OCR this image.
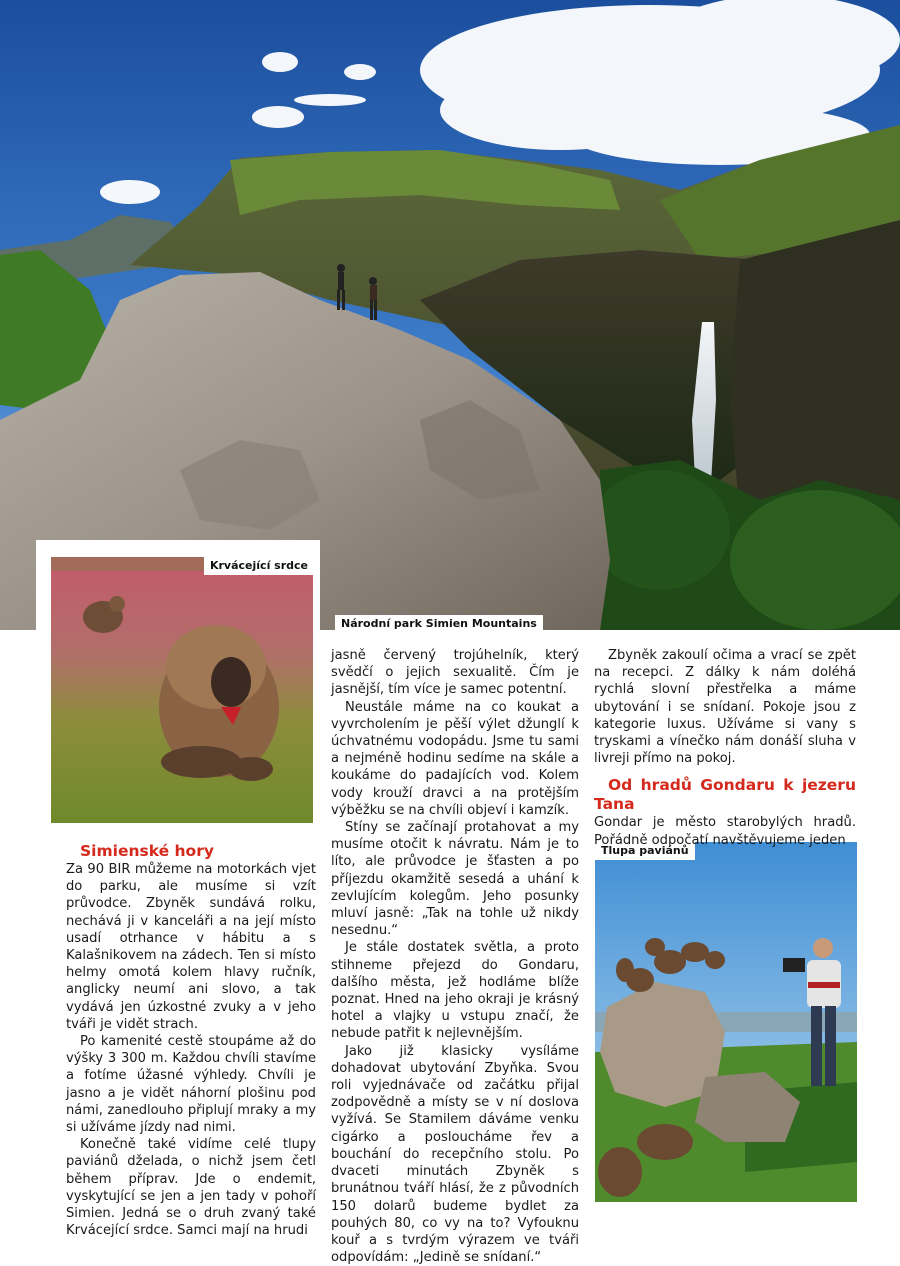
Národní park Simien Mountains
Krvácející srdce
Tlupa paviánů

Simienské hory

Za 90 BIR můžeme na motorkách vjet do parku, ale musíme si vzít průvodce. Zbyněk sundává rolku, nechává ji v kanceláři a na její místo usadí otrhance v hábitu a s Kalašnikovem na zádech. Ten si místo helmy omotá kolem hlavy ručník, anglicky neumí ani slovo, a tak vydává jen úzkostné zvuky a v jeho tváři je vidět strach.

Po kamenité cestě stoupáme až do výšky 3 300 m. Každou chvíli stavíme a fotíme úžasné výhledy. Chvíli je jasno a je vidět náhorní plošinu pod námi, zanedlouho připlují mraky a my si užíváme jízdy nad nimi.

Konečně také vidíme celé tlupy paviánů dželada, o nichž jsem četl během příprav. Jde o endemit, vyskytující se jen a jen tady v pohoří Simien. Jedná se o druh zvaný také Krvácející srdce. Samci mají na hrudi

jasně červený trojúhelník, který svědčí o jejich sexualitě. Čím je jasnější, tím více je samec potentní.

Neustále máme na co koukat a vyvrcholením je pěší výlet džunglí k úchvatnému vodopádu. Jsme tu sami a nejméně hodinu sedíme na skále a koukáme do padajících vod. Kolem vody krouží dravci a na protějším výběžku se na chvíli objeví i kamzík.

Stíny se začínají protahovat a my musíme otočit k návratu. Nám je to líto, ale průvodce je šťasten a po příjezdu okamžitě sesedá a uhání k zevlujícím kolegům. Jeho posunky mluví jasně: „Tak na tohle už nikdy nesednu.“

Je stále dostatek světla, a proto stihneme přejezd do Gondaru, dalšího města, jež hodláme blíže poznat. Hned na jeho okraji je krásný hotel a vlajky u vstupu značí, že nebude patřit k nejlevnějším.

Jako již klasicky vysíláme dohadovat ubytování Zbyňka. Svou roli vyjednávače od začátku přijal zodpovědně a místy se v ní doslova vyžívá. Se Stamilem dáváme venku cigárko a posloucháme řev a bouchání do recepčního stolu. Po dvaceti minutách Zbyněk s brunátnou tváří hlásí, že z původních 150 dolarů budeme bydlet za pouhých 80, co vy na to? Vyfouknu kouř a s tvrdým výrazem ve tváři odpovídám: „Jedině se snídaní.“

Zbyněk zakoulí očima a vrací se zpět na recepci. Z dálky k nám doléhá rychlá slovní přestřelka a máme ubytování i se snídaní. Pokoje jsou z kategorie luxus. Užíváme si vany s tryskami a vínečko nám donáší sluha v livreji přímo na pokoj.

Od hradů Gondaru k jezeru Tana

Gondar je město starobylých hradů. Pořádně odpočatí navštěvujeme jeden
